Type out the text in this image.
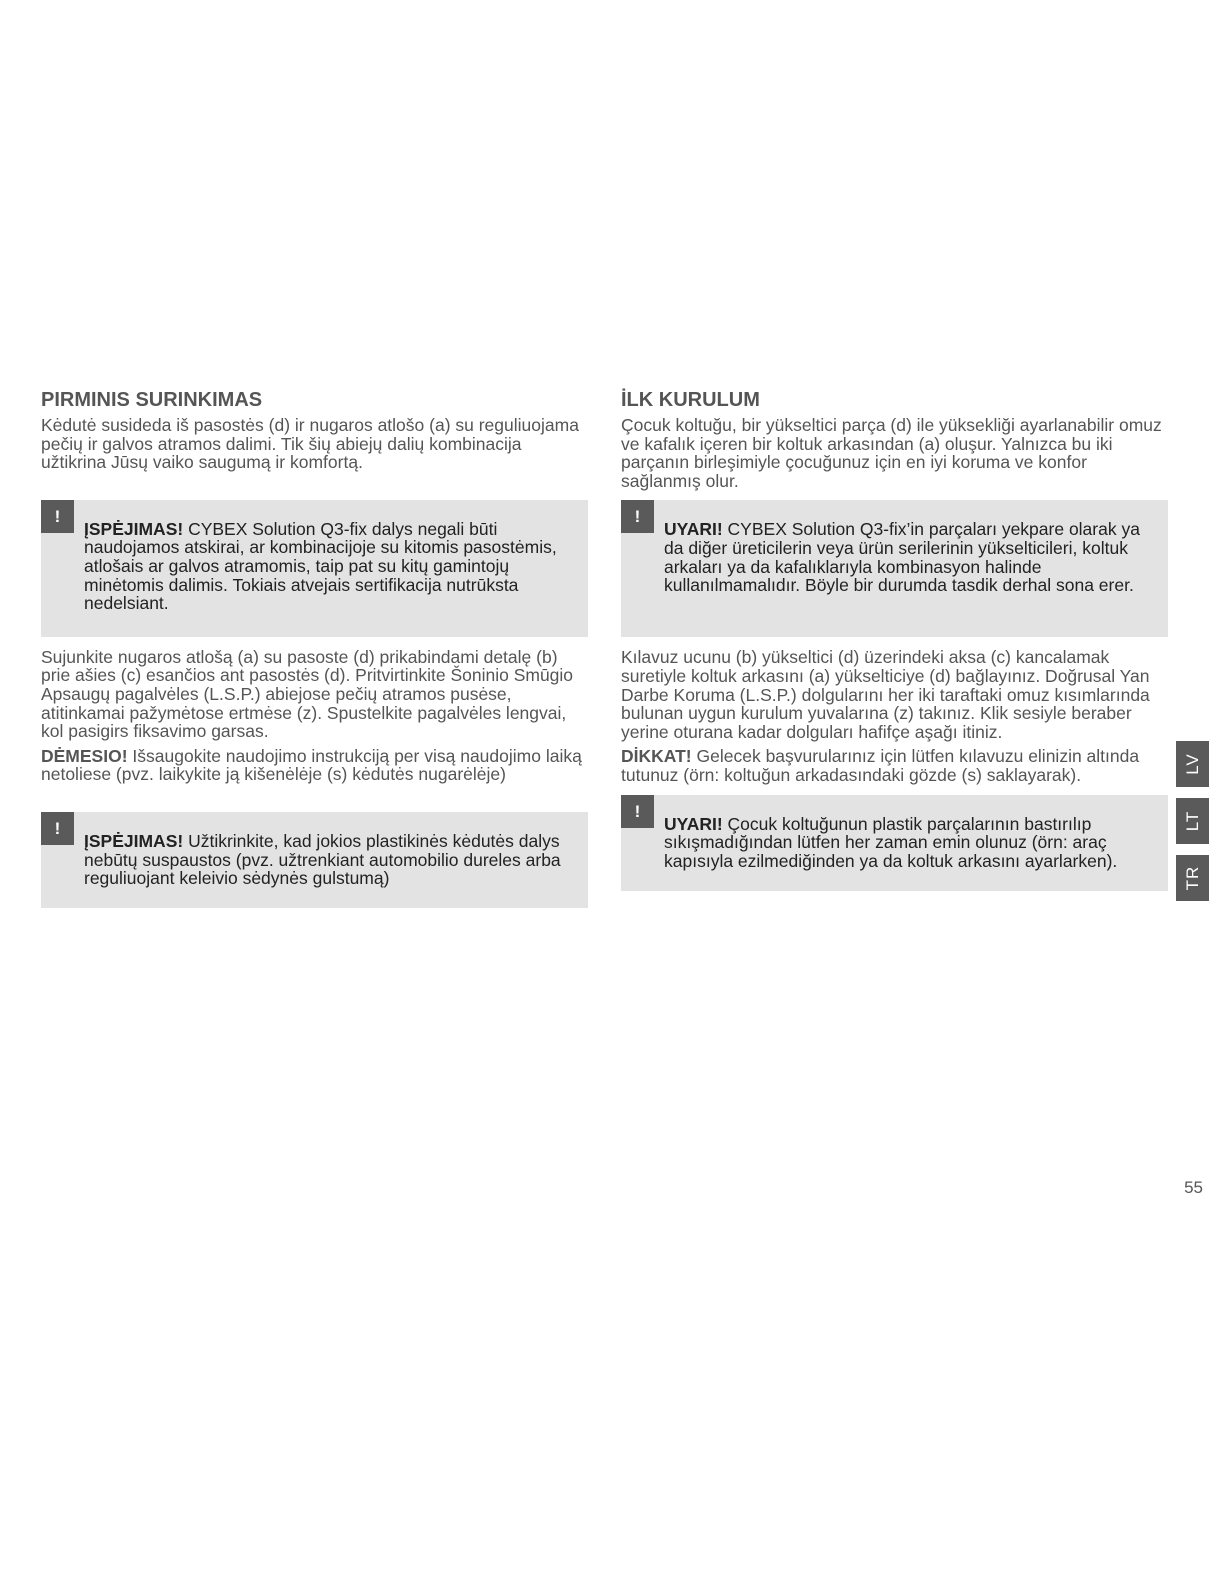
PIRMINIS SURINKIMAS

Kėdutė susideda iš pasostės (d) ir nugaros atlošo (a) su reguliuojama pečių ir galvos atramos dalimi. Tik šių abiejų dalių kombinacija užtikrina Jūsų vaiko saugumą ir komfortą.

!

ĮSPĖJIMAS! CYBEX Solution Q3-fix dalys negali būti naudojamos atskirai, ar kombinacijoje su kitomis pasostėmis, atlošais ar galvos atramomis, taip pat su kitų gamintojų minėtomis dalimis. Tokiais atvejais sertifikacija nutrūksta nedelsiant.

Sujunkite nugaros atlošą (a) su pasoste (d) prikabindami detalę (b) prie ašies (c) esančios ant pasostės (d). Pritvirtinkite Šoninio Smūgio Apsaugų pagalvėles (L.S.P.) abiejose pečių atramos pusėse, atitinkamai pažymėtose ertmėse (z). Spustelkite pagalvėles lengvai, kol pasigirs fiksavimo garsas.

DĖMESIO! Išsaugokite naudojimo instrukciją per visą naudojimo laiką netoliese (pvz. laikykite ją kišenėlėje (s) kėdutės nugarėlėje)

!

ĮSPĖJIMAS! Užtikrinkite, kad jokios plastikinės kėdutės dalys nebūtų suspaustos (pvz. užtrenkiant automobilio dureles arba reguliuojant keleivio sėdynės gulstumą)

İLK KURULUM

Çocuk koltuğu, bir yükseltici parça (d) ile yüksekliği ayarlanabilir omuz ve kafalık içeren bir koltuk arkasından (a) oluşur. Yalnızca bu iki parçanın birleşimiyle çocuğunuz için en iyi koruma ve konfor sağlanmış olur.

!

UYARI! CYBEX Solution Q3-fix’in parçaları yekpare olarak ya da diğer üreticilerin veya ürün serilerinin yükselticileri, koltuk arkaları ya da kafalıklarıyla kombinasyon halinde kullanılmamalıdır. Böyle bir durumda tasdik derhal sona erer.

Kılavuz ucunu (b) yükseltici (d) üzerindeki aksa (c) kancalamak suretiyle koltuk arkasını (a) yükselticiye (d) bağlayınız. Doğrusal Yan Darbe Koruma (L.S.P.) dolgularını her iki taraftaki omuz kısımlarında bulunan uygun kurulum yuvalarına (z) takınız. Klik sesiyle beraber yerine oturana kadar dolguları hafifçe aşağı itiniz.

DİKKAT! Gelecek başvurularınız için lütfen kılavuzu elinizin altında tutunuz (örn: koltuğun arkadasındaki gözde (s) saklayarak).

!

UYARI! Çocuk koltuğunun plastik parçalarının bastırılıp sıkışmadığından lütfen her zaman emin olunuz (örn: araç kapısıyla ezilmediğinden ya da koltuk arkasını ayarlarken).

LV
LT
TR
55
